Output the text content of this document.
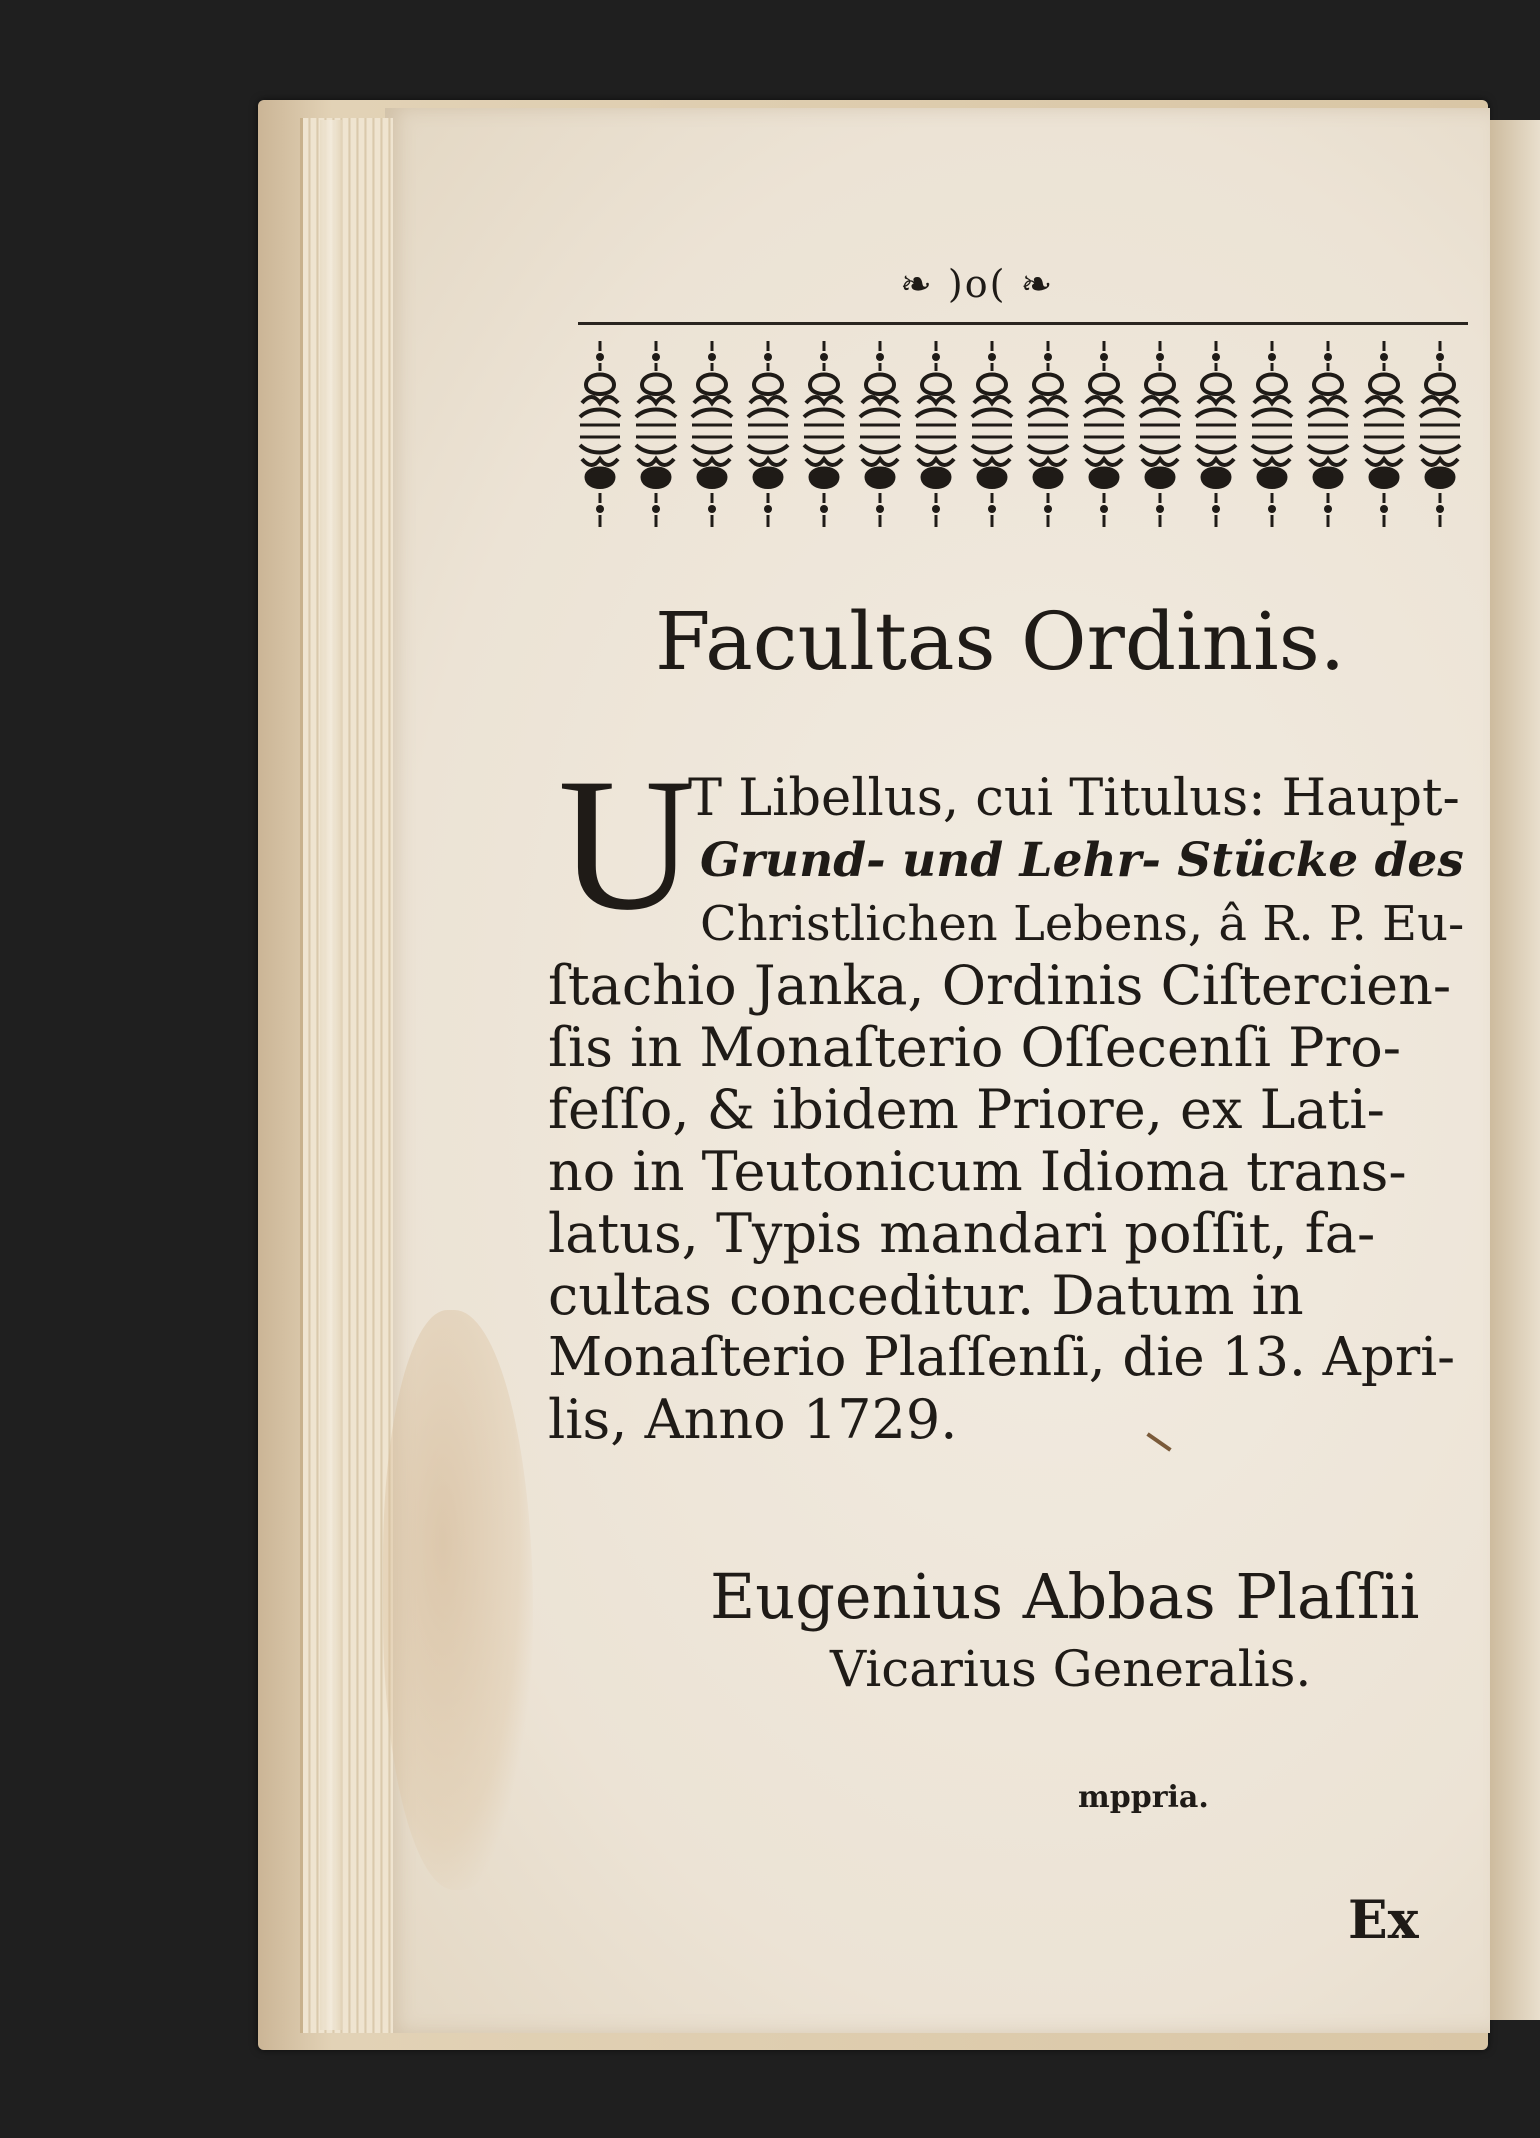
❧ )o( ❧
Facultas Ordinis.
U
T Libellus, cui Titulus: Haupt-
Grund- und Lehr- Stücke des
Christlichen Lebens, â R. P. Eu-
ſtachio Janka, Ordinis Ciſtercien-
ſis in Monaſterio Oſſecenſi Pro-
feſſo, & ibidem Priore, ex Lati-
no in Teutonicum Idioma trans-
latus, Typis mandari poſſit, fa-
cultas conceditur. Datum in
Monaſterio Plaſſenſi, die 13. Apri-
lis, Anno 1729.
Eugenius Abbas Plaſſii
Vicarius Generalis.
mppria.
Ex
